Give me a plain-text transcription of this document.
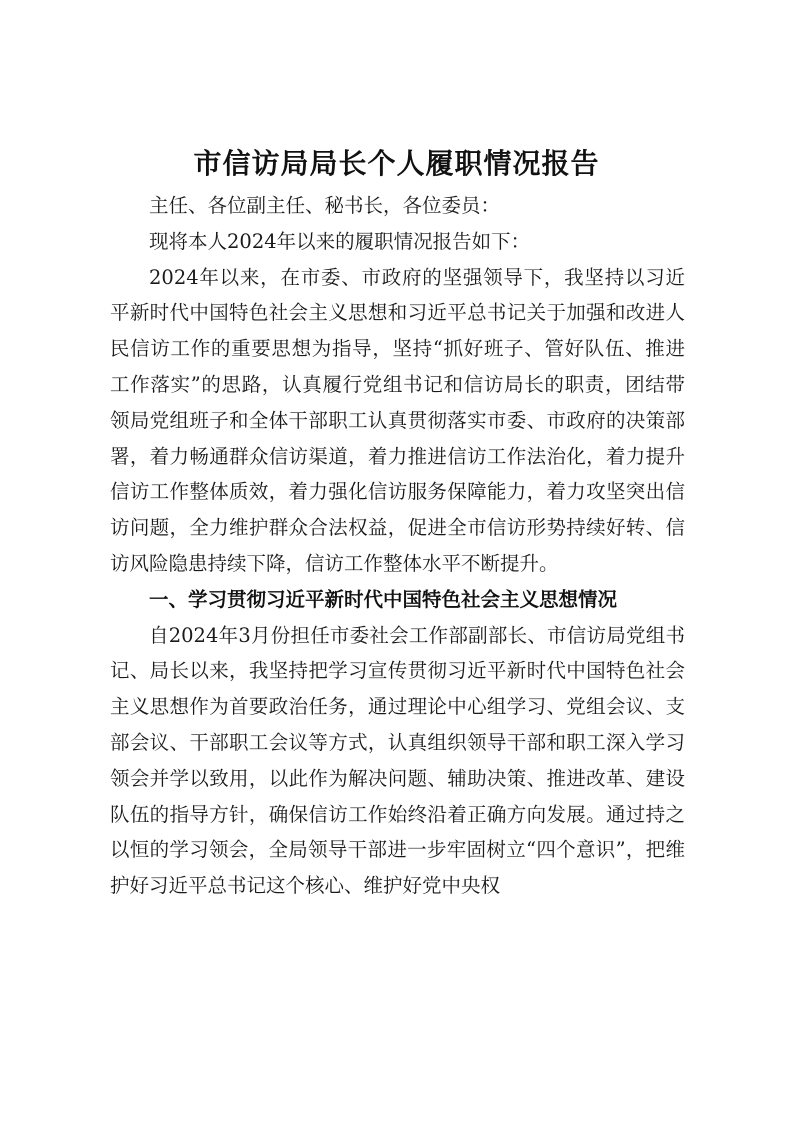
市信访局局长个人履职情况报告

主任、各位副主任、秘书长，各位委员：

现将本人2024年以来的履职情况报告如下：

2024年以来，在市委、市政府的坚强领导下，我坚持以习近平新时代中国特色社会主义思想和习近平总书记关于加强和改进人民信访工作的重要思想为指导，坚持“抓好班子、管好队伍、推进工作落实”的思路，认真履行党组书记和信访局长的职责，团结带领局党组班子和全体干部职工认真贯彻落实市委、市政府的决策部署，着力畅通群众信访渠道，着力推进信访工作法治化，着力提升信访工作整体质效，着力强化信访服务保障能力，着力攻坚突出信访问题，全力维护群众合法权益，促进全市信访形势持续好转、信访风险隐患持续下降，信访工作整体水平不断提升。

一、学习贯彻习近平新时代中国特色社会主义思想情况

自2024年3月份担任市委社会工作部副部长、市信访局党组书记、局长以来，我坚持把学习宣传贯彻习近平新时代中国特色社会主义思想作为首要政治任务，通过理论中心组学习、党组会议、支部会议、干部职工会议等方式，认真组织领导干部和职工深入学习领会并学以致用，以此作为解决问题、辅助决策、推进改革、建设队伍的指导方针，确保信访工作始终沿着正确方向发展。通过持之以恒的学习领会，全局领导干部进一步牢固树立“四个意识”，把维护好习近平总书记这个核心、维护好党中央权
